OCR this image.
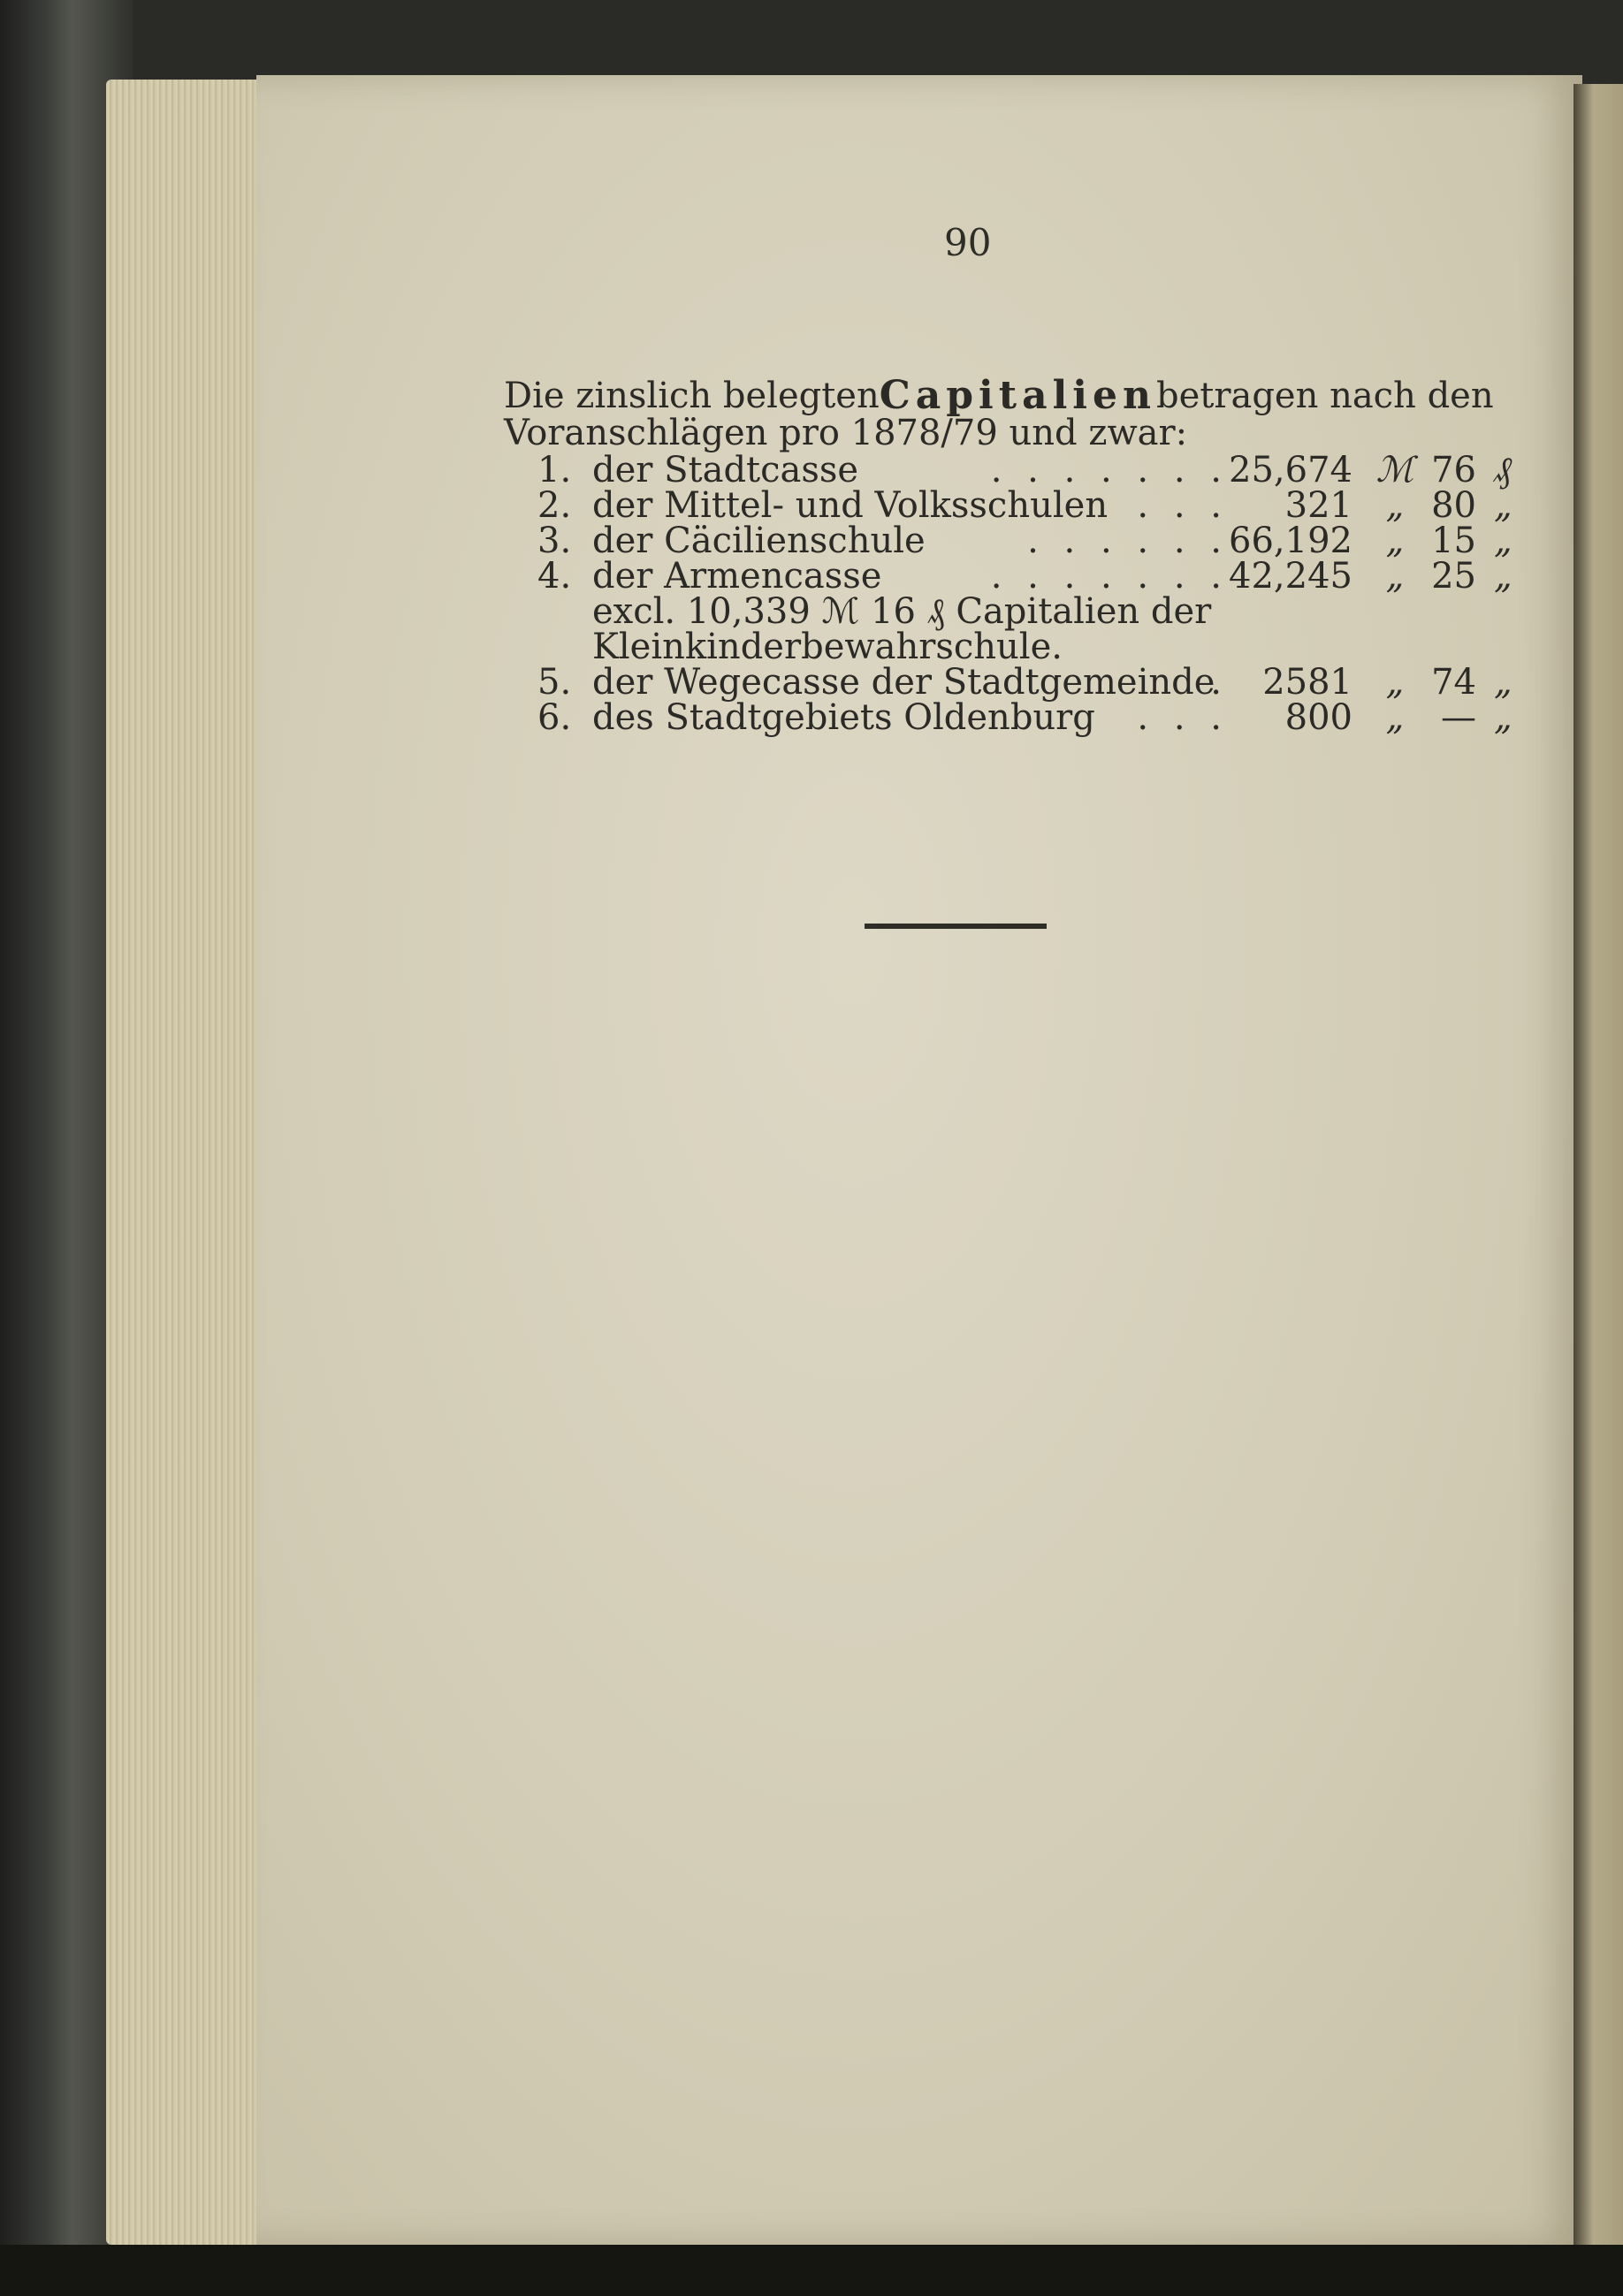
90
Die zinslich belegten Capitalien betragen nach den
Voranschlägen pro 1878/79 und zwar:
1. der Stadtcasse	. . . . . . . 25,674 ℳ 76 ₰
2. der Mittel- und Volksschulen . . .	321 „ 80 „
3. der Cäcilienschule	. . . . . . 66,192 „ 15 „
4. der Armencasse	. . . . . . . 42,245 „ 25 „
excl. 10,339 ℳ 16 ₰ Capitalien der
Kleinkinderbewahrschule.
5. der Wegecasse der Stadtgemeinde
. 2581 „ 74 „
6. des Stadtgebiets Oldenburg	. . .	800 „	— „
